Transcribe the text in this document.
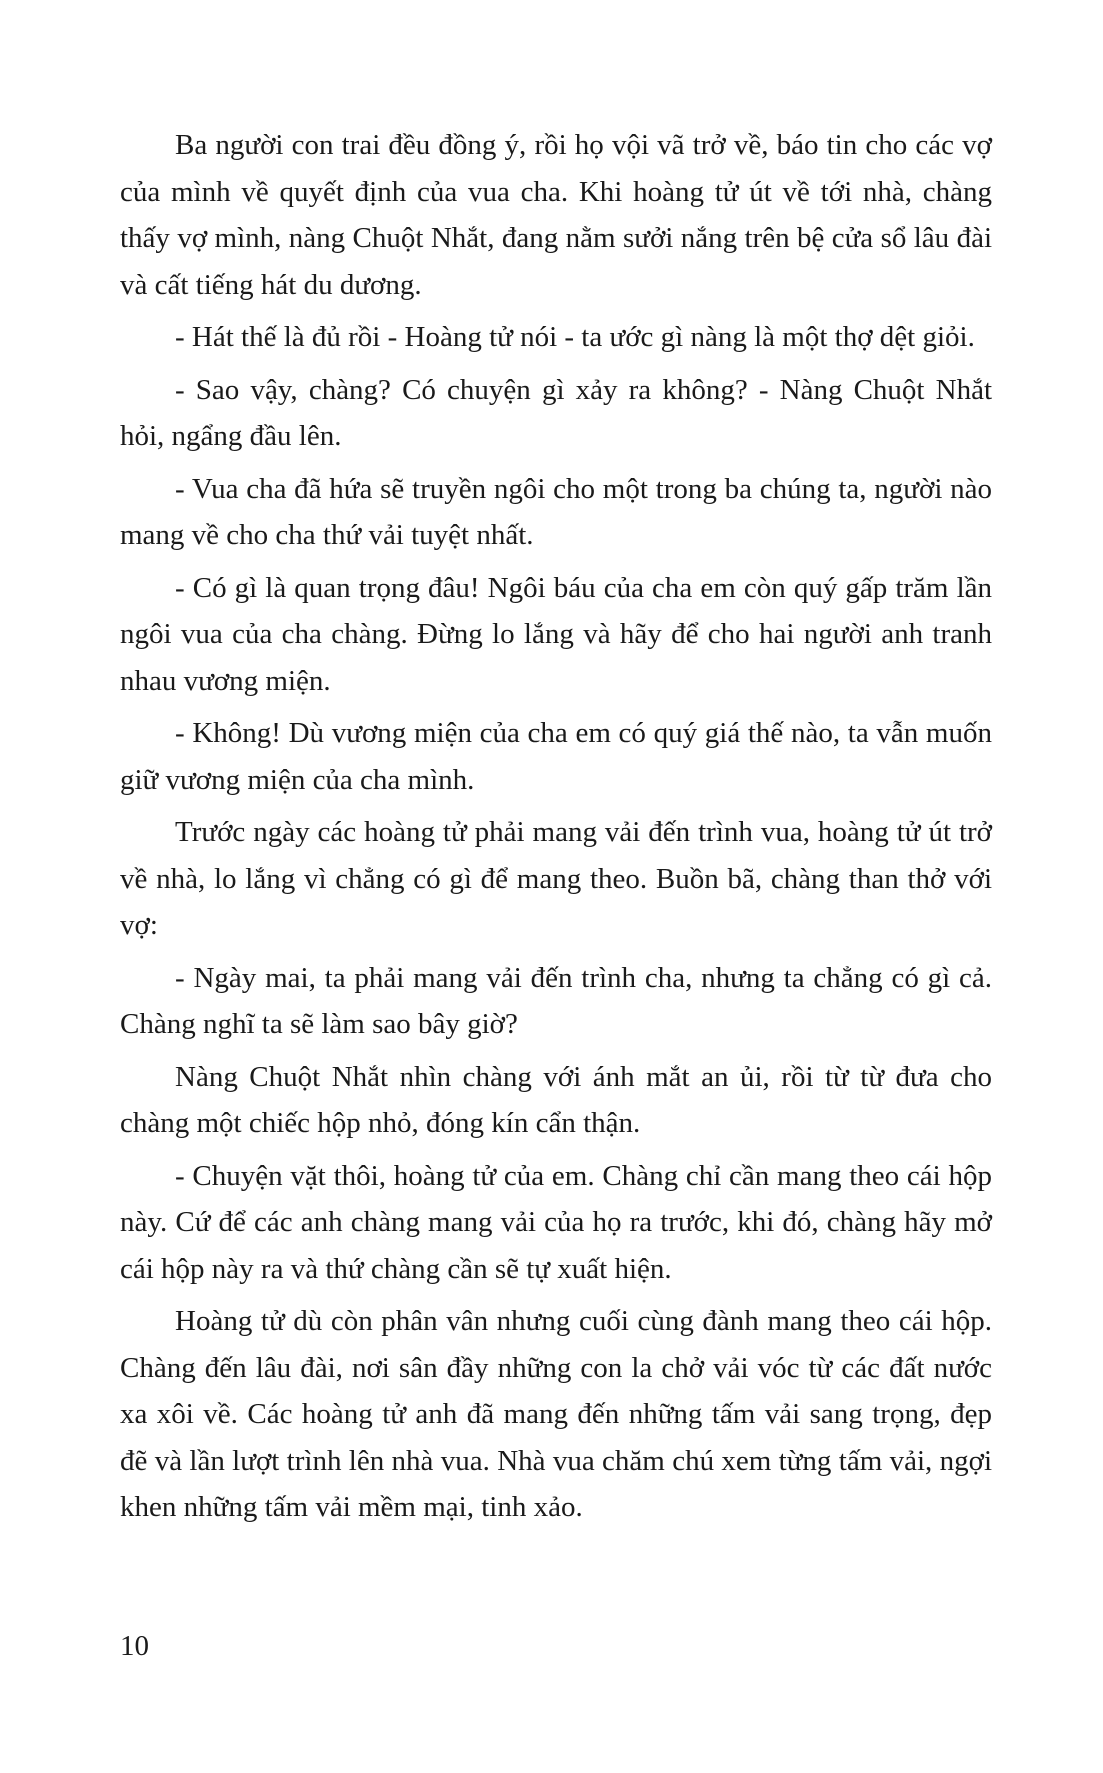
Ba người con trai đều đồng ý, rồi họ vội vã trở về, báo tin cho các vợ của mình về quyết định của vua cha. Khi hoàng tử út về tới nhà, chàng thấy vợ mình, nàng Chuột Nhắt, đang nằm sưởi nắng trên bệ cửa sổ lâu đài và cất tiếng hát du dương.

- Hát thế là đủ rồi - Hoàng tử nói - ta ước gì nàng là một thợ dệt giỏi.

- Sao vậy, chàng? Có chuyện gì xảy ra không? - Nàng Chuột Nhắt hỏi, ngẩng đầu lên.

- Vua cha đã hứa sẽ truyền ngôi cho một trong ba chúng ta, người nào mang về cho cha thứ vải tuyệt nhất.

- Có gì là quan trọng đâu! Ngôi báu của cha em còn quý gấp trăm lần ngôi vua của cha chàng. Đừng lo lắng và hãy để cho hai người anh tranh nhau vương miện.

- Không! Dù vương miện của cha em có quý giá thế nào, ta vẫn muốn giữ vương miện của cha mình.

Trước ngày các hoàng tử phải mang vải đến trình vua, hoàng tử út trở về nhà, lo lắng vì chẳng có gì để mang theo. Buồn bã, chàng than thở với vợ:

- Ngày mai, ta phải mang vải đến trình cha, nhưng ta chẳng có gì cả. Chàng nghĩ ta sẽ làm sao bây giờ?

Nàng Chuột Nhắt nhìn chàng với ánh mắt an ủi, rồi từ từ đưa cho chàng một chiếc hộp nhỏ, đóng kín cẩn thận.

- Chuyện vặt thôi, hoàng tử của em. Chàng chỉ cần mang theo cái hộp này. Cứ để các anh chàng mang vải của họ ra trước, khi đó, chàng hãy mở cái hộp này ra và thứ chàng cần sẽ tự xuất hiện.

Hoàng tử dù còn phân vân nhưng cuối cùng đành mang theo cái hộp. Chàng đến lâu đài, nơi sân đầy những con la chở vải vóc từ các đất nước xa xôi về. Các hoàng tử anh đã mang đến những tấm vải sang trọng, đẹp đẽ và lần lượt trình lên nhà vua. Nhà vua chăm chú xem từng tấm vải, ngợi khen những tấm vải mềm mại, tinh xảo.

10
